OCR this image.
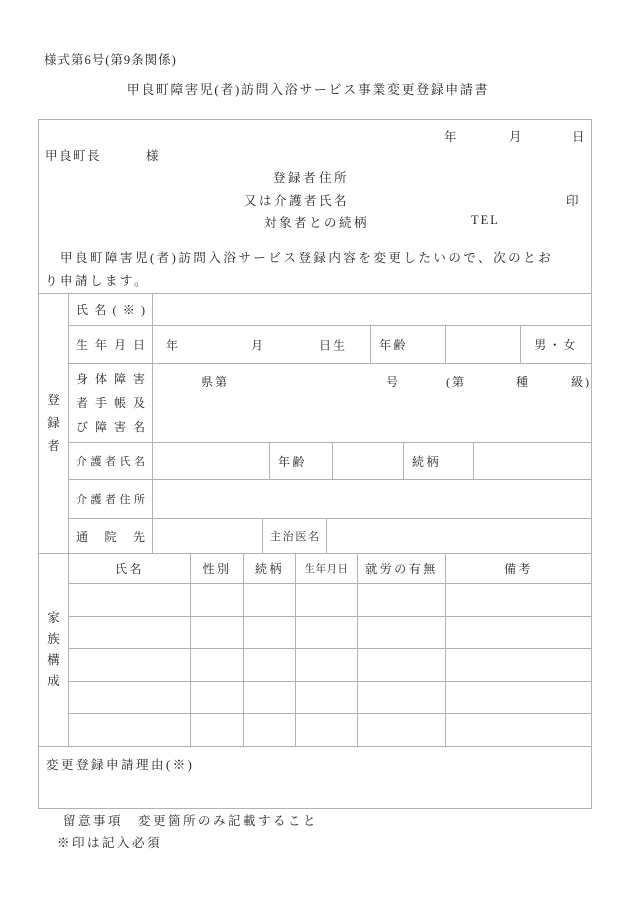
様式第6号(第9条関係)
甲良町障害児(者)訪問入浴サービス事業変更登録申請書
年	月	日
甲良町長	様
登録者 住所
又は介護者 氏名	印
対象者との続柄	TEL
　甲良町障害児(者)訪問入浴サービス登録内容を変更したいので、次のとお
り申請します。
登録者
氏名(※)
生年月日 年	月	日生	年齢	男・女
身体障害
者手帳及
び障害名
県第	号	(第	種	級)
介護者氏名	年齢	続柄
介護者住所
通院先	主治医名
家族構成
氏名	性別 続柄 生年月日 就労の有無	備考
変更登録申請理由(※)
留意事項　変更箇所のみ記載すること
※印は記入必須
